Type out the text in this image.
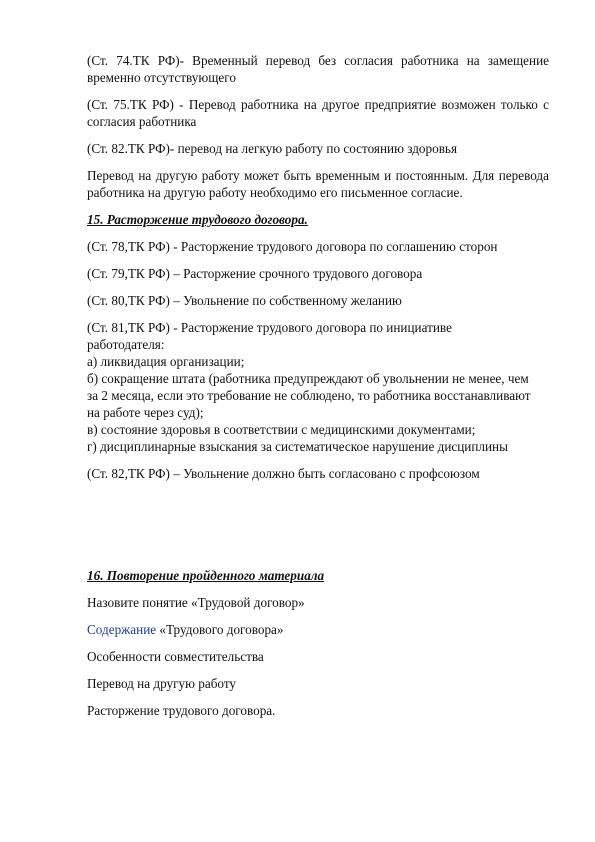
(Ст. 74.ТК РФ)- Временный перевод без согласия работника на замещение временно отсутствующего

(Ст. 75.ТК РФ) - Перевод работника на другое предприятие возможен только с согласия работника

(Ст. 82.ТК РФ)- перевод на легкую работу по состоянию здоровья

Перевод на другую работу может быть временным и постоянным. Для перевода работника на другую работу необходимо его письменное согласие.

15. Расторжение трудового договора.

(Ст. 78,ТК РФ) - Расторжение трудового договора по соглашению сторон

(Ст. 79,ТК РФ) – Расторжение срочного трудового договора

(Ст. 80,ТК РФ) – Увольнение по собственному желанию

(Ст. 81,ТК РФ) - Расторжение трудового договора по инициативе

работодателя:

а) ликвидация организации;

б) сокращение штата (работника предупреждают об увольнении не менее, чем

за 2 месяца, если это требование не соблюдено, то работника восстанавливают

на работе через суд);

в) состояние здоровья в соответствии с медицинскими документами;

г) дисциплинарные взыскания за систематическое нарушение дисциплины

(Ст. 82,ТК РФ) – Увольнение должно быть согласовано с профсоюзом

16. Повторение пройденного материала

Назовите понятие «Трудовой договор»

Содержание «Трудового договора»

Особенности совместительства

Перевод на другую работу

Расторжение трудового договора.
